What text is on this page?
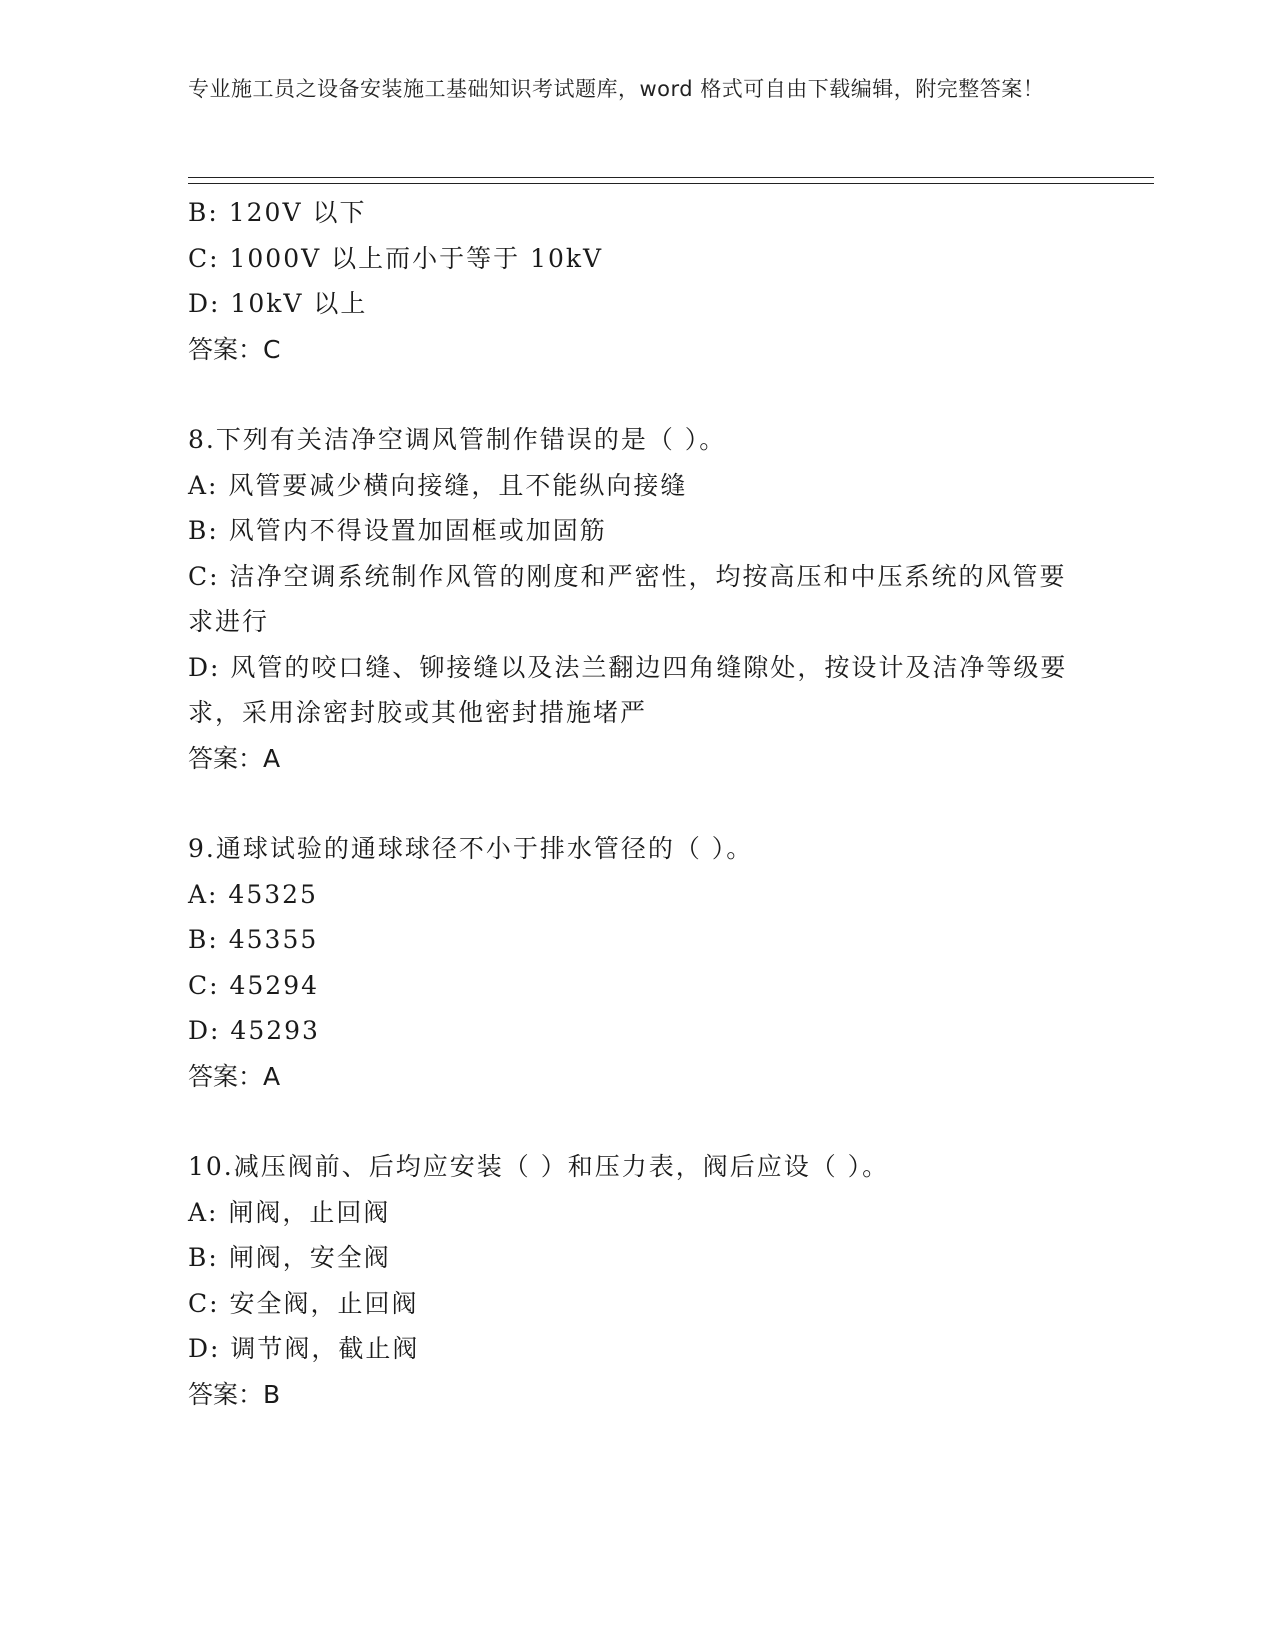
专业施工员之设备安装施工基础知识考试题库，word 格式可自由下载编辑，附完整答案！
B: 120V 以下
C: 1000V 以上而小于等于 10kV
D: 10kV 以上
答案：C
8.下列有关洁净空调风管制作错误的是（ ）。
A: 风管要减少横向接缝，且不能纵向接缝
B: 风管内不得设置加固框或加固筋
C: 洁净空调系统制作风管的刚度和严密性，均按高压和中压系统的风管要求进行
D: 风管的咬口缝、铆接缝以及法兰翻边四角缝隙处，按设计及洁净等级要求，采用涂密封胶或其他密封措施堵严
答案：A
9.通球试验的通球球径不小于排水管径的（ ）。
A: 45325
B: 45355
C: 45294
D: 45293
答案：A
10.减压阀前、后均应安装（ ）和压力表，阀后应设（ ）。
A: 闸阀，止回阀
B: 闸阀，安全阀
C: 安全阀，止回阀
D: 调节阀，截止阀
答案：B
